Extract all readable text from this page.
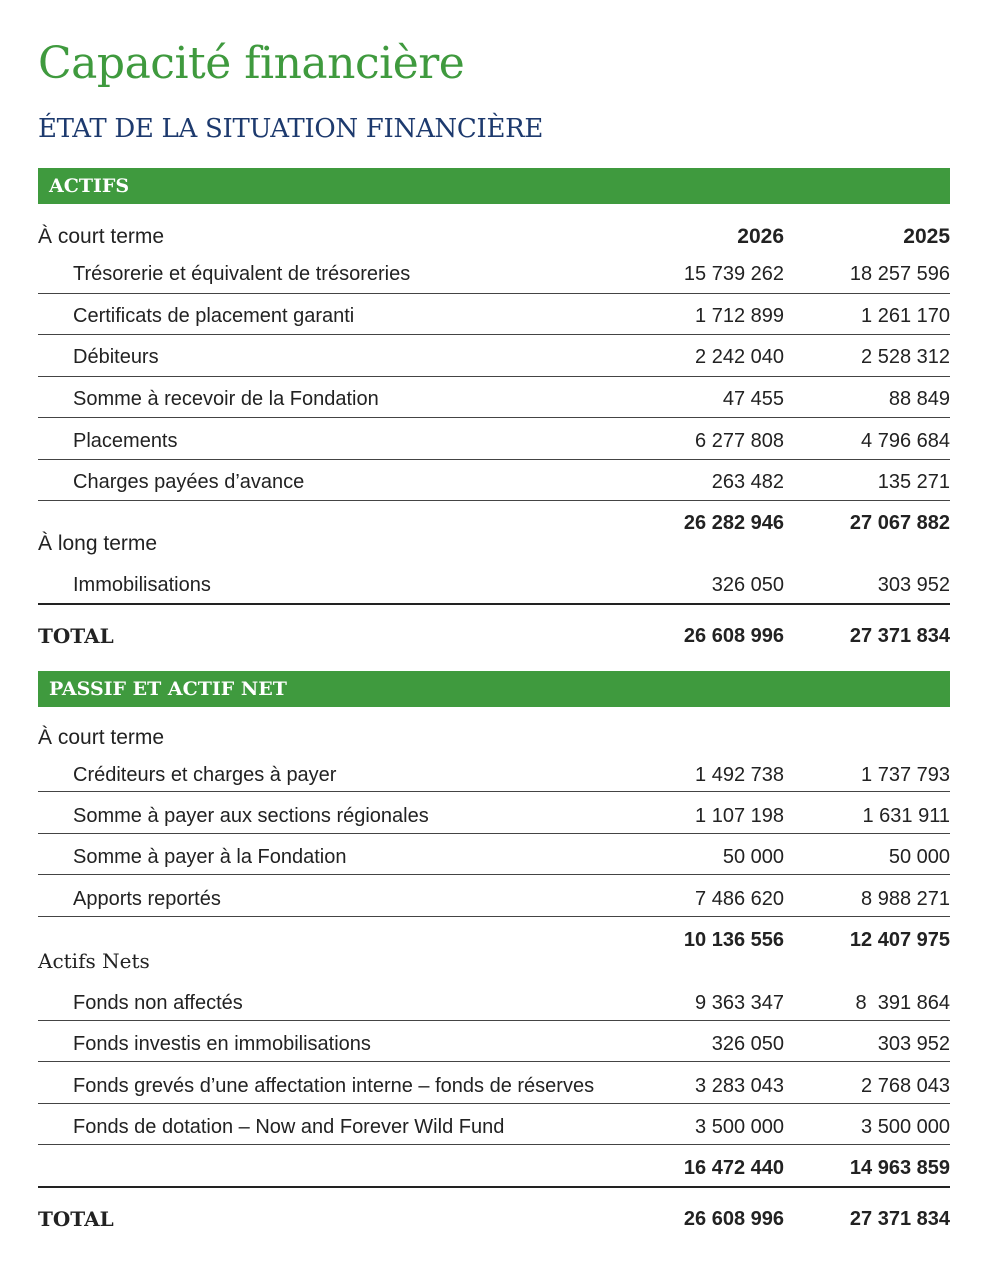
Capacité financière
ÉTAT DE LA SITUATION FINANCIÈRE
ACTIFS
À court terme	2026	2025
Trésorerie et équivalent de trésoreries	15 739 262	18 257 596
Certificats de placement garanti	1 712 899	1 261 170
Débiteurs	2 242 040	2 528 312
Somme à recevoir de la Fondation	47 455	88 849
Placements	6 277 808	4 796 684
Charges payées d’avance	263 482	135 271
26 282 946	27 067 882
À long terme
Immobilisations	326 050	303 952
TOTAL	26 608 996	27 371 834
PASSIF ET ACTIF NET
À court terme
Créditeurs et charges à payer	1 492 738	1 737 793
Somme à payer aux sections régionales	1 107 198	1 631 911
Somme à payer à la Fondation	50 000	50 000
Apports reportés	7 486 620	8 988 271
10 136 556	12 407 975
Actifs Nets
Fonds non affectés	9 363 347	8  391 864
Fonds investis en immobilisations	326 050	303 952
Fonds grevés d’une affectation interne – fonds de réserves	3 283 043	2 768 043
Fonds de dotation – Now and Forever Wild Fund	3 500 000	3 500 000
16 472 440	14 963 859
TOTAL	26 608 996	27 371 834
